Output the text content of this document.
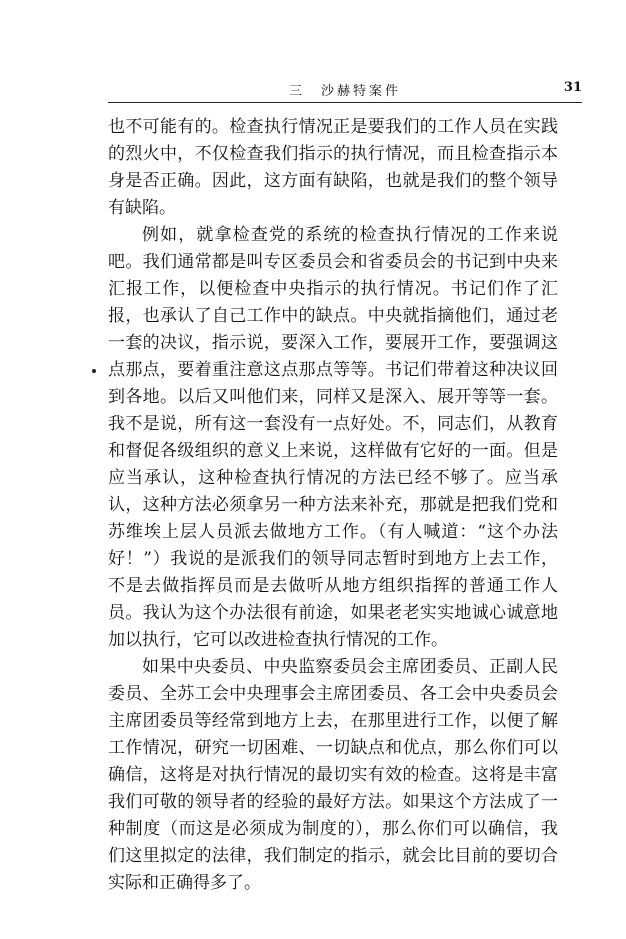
三　沙赫特案件	31

也不可能有的。检查执行情况正是要我们的工作人员在实践的烈火中，不仅检查我们指示的执行情况，而且检查指示本身是否正确。因此，这方面有缺陷，也就是我们的整个领导有缺陷。

例如，就拿检查党的系统的检查执行情况的工作来说吧。我们通常都是叫专区委员会和省委员会的书记到中央来汇报工作，以便检查中央指示的执行情况。书记们作了汇报，也承认了自己工作中的缺点。中央就指摘他们，通过老一套的决议，指示说，要深入工作，要展开工作，要强调这点那点，要着重注意这点那点等等。书记们带着这种决议回到各地。以后又叫他们来，同样又是深入、展开等等一套。我不是说，所有这一套没有一点好处。不，同志们，从教育和督促各级组织的意义上来说，这样做有它好的一面。但是应当承认，这种检查执行情况的方法已经不够了。应当承认，这种方法必须拿另一种方法来补充，那就是把我们党和苏维埃上层人员派去做地方工作。（有人喊道：“这个办法好！”）我说的是派我们的领导同志暂时到地方上去工作，不是去做指挥员而是去做听从地方组织指挥的普通工作人员。我认为这个办法很有前途，如果老老实实地诚心诚意地加以执行，它可以改进检查执行情况的工作。

如果中央委员、中央监察委员会主席团委员、正副人民委员、全苏工会中央理事会主席团委员、各工会中央委员会主席团委员等经常到地方上去，在那里进行工作，以便了解工作情况，研究一切困难、一切缺点和优点，那么你们可以确信，这将是对执行情况的最切实有效的检查。这将是丰富我们可敬的领导者的经验的最好方法。如果这个方法成了一种制度（而这是必须成为制度的），那么你们可以确信，我们这里拟定的法律，我们制定的指示，就会比目前的要切合实际和正确得多了。
